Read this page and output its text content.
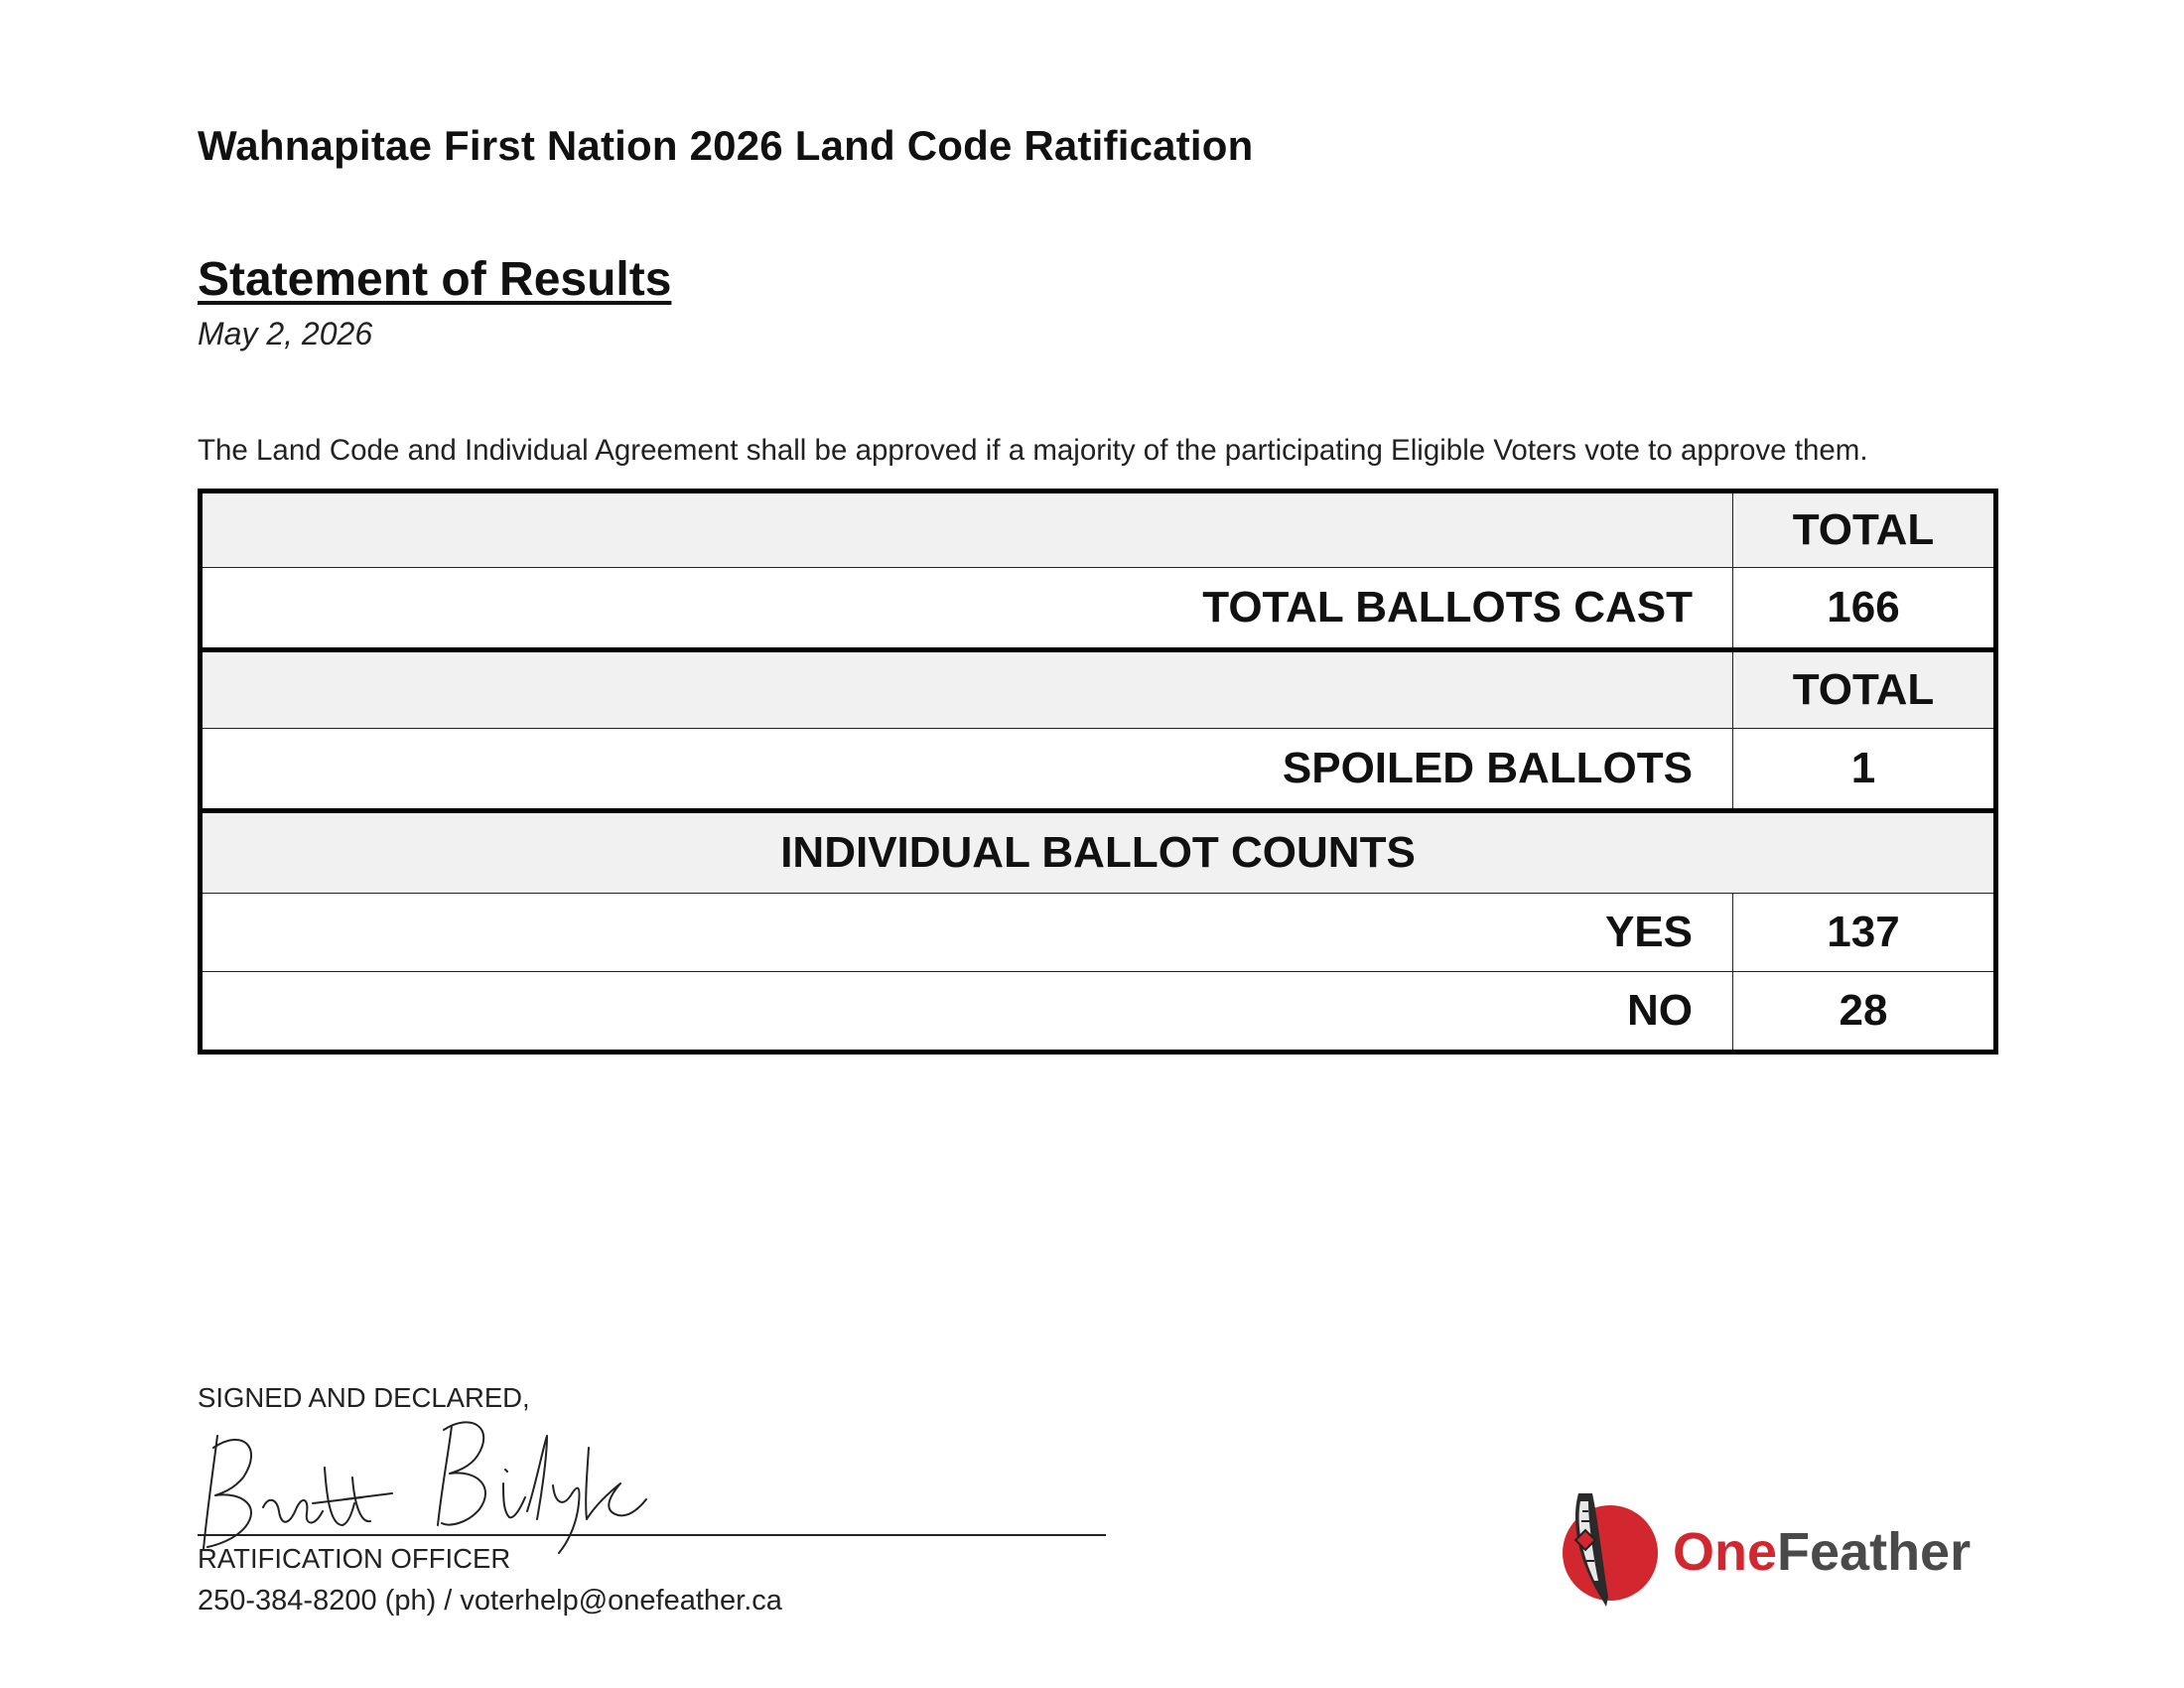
Wahnapitae First Nation 2026 Land Code Ratification
Statement of Results
May 2, 2026
The Land Code and Individual Agreement shall be approved if a majority of the participating Eligible Voters vote to approve them.
	TOTAL
TOTAL BALLOTS CAST	166
	TOTAL
SPOILED BALLOTS	1
INDIVIDUAL BALLOT COUNTS	
YES	137
NO	28
SIGNED AND DECLARED,
RATIFICATION OFFICER
250-384-8200 (ph) / voterhelp@onefeather.ca
OneFeather
